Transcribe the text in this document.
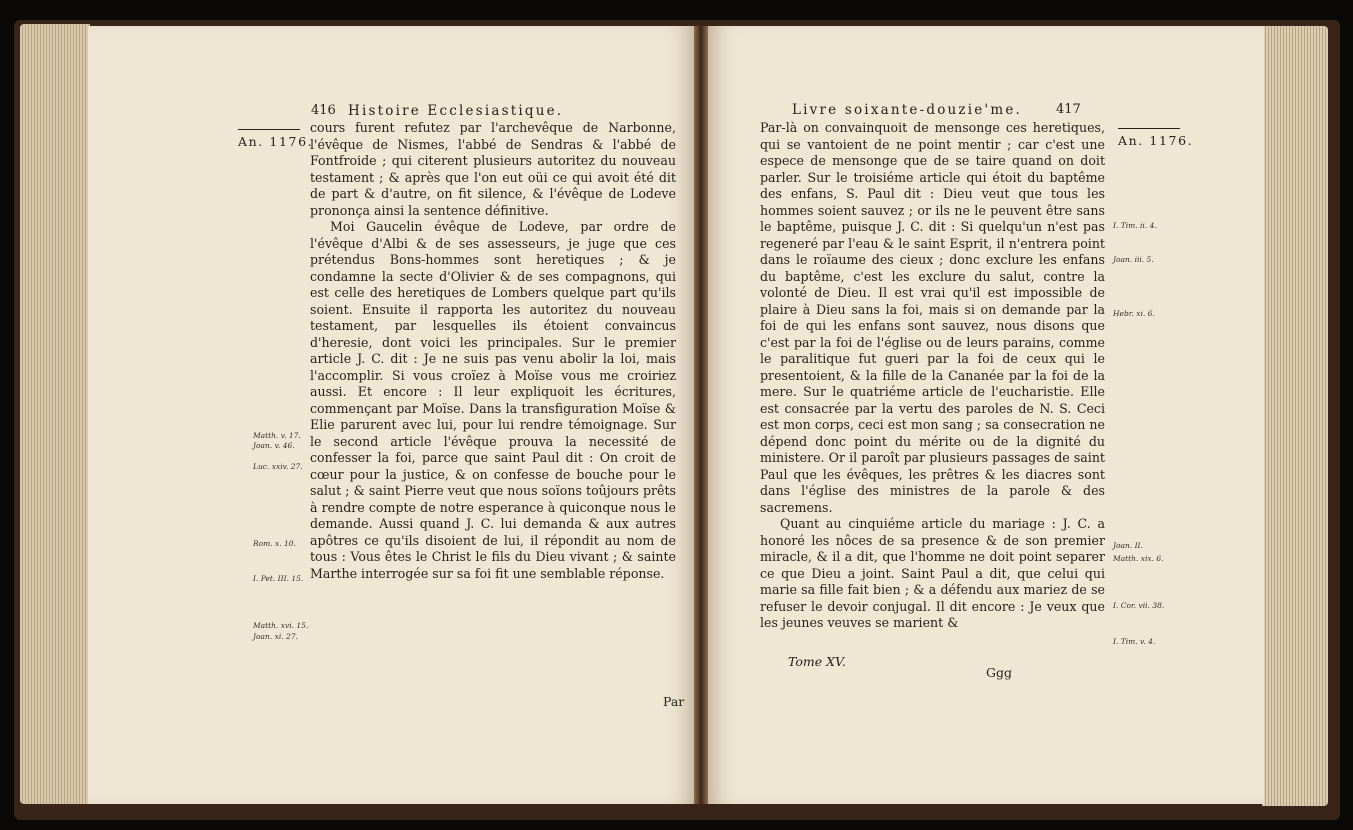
416 Histoire Ecclesiastique.
An. 1176.

cours furent refutez par l'archevêque de Narbonne, l'évêque de Nismes, l'abbé de Sendras & l'abbé de Fontfroide ; qui citerent plusieurs autoritez du nouveau testament ; & après que l'on eut oüi ce qui avoit été dit de part & d'autre, on fit silence, & l'évêque de Lodeve prononça ainsi la sentence définitive.

Moi Gaucelin évêque de Lodeve, par ordre de l'évêque d'Albi & de ses assesseurs, je juge que ces prétendus Bons-hommes sont heretiques ; & je condamne la secte d'Olivier & de ses compagnons, qui est celle des heretiques de Lombers quelque part qu'ils soient. Ensuite il rapporta les autoritez du nouveau testament, par lesquelles ils étoient convaincus d'heresie, dont voici les principales. Sur le premier article J. C. dit : Je ne suis pas venu abolir la loi, mais l'accomplir. Si vous croïez à Moïse vous me croiriez aussi. Et encore : Il leur expliquoit les écritures, commençant par Moïse. Dans la transfiguration Moïse & Elie parurent avec lui, pour lui rendre témoignage. Sur le second article l'évêque prouva la necessité de confesser la foi, parce que saint Paul dit : On croit de cœur pour la justice, & on confesse de bouche pour le salut ; & saint Pierre veut que nous soïons toûjours prêts à rendre compte de notre esperance à quiconque nous le demande. Aussi quand J. C. lui demanda & aux autres apôtres ce qu'ils disoient de lui, il répondit au nom de tous : Vous êtes le Christ le fils du Dieu vivant ; & sainte Marthe interrogée sur sa foi fit une semblable réponse.

Matth. v. 17.
Joan. v. 46.
Luc. xxiv. 27.
Rom. x. 10.
I. Pet. III. 15.
Matth. xvi. 15.
Joan. xi. 27.
Par
Livre soixante-douzie'me.	417
An. 1176.

Par-là on convainquoit de mensonge ces heretiques, qui se vantoient de ne point mentir ; car c'est une espece de mensonge que de se taire quand on doit parler. Sur le troisiéme article qui étoit du baptême des enfans, S. Paul dit : Dieu veut que tous les hommes soient sauvez ; or ils ne le peuvent être sans le baptême, puisque J. C. dit : Si quelqu'un n'est pas regeneré par l'eau & le saint Esprit, il n'entrera point dans le roïaume des cieux ; donc exclure les enfans du baptême, c'est les exclure du salut, contre la volonté de Dieu. Il est vrai qu'il est impossible de plaire à Dieu sans la foi, mais si on demande par la foi de qui les enfans sont sauvez, nous disons que c'est par la foi de l'église ou de leurs parains, comme le paralitique fut gueri par la foi de ceux qui le presentoient, & la fille de la Cananée par la foi de la mere. Sur le quatriéme article de l'eucharistie. Elle est consacrée par la vertu des paroles de N. S. Ceci est mon corps, ceci est mon sang ; sa consecration ne dépend donc point du mérite ou de la dignité du ministere. Or il paroît par plusieurs passages de saint Paul que les évêques, les prêtres & les diacres sont dans l'église des ministres de la parole & des sacremens.

Quant au cinquiéme article du mariage : J. C. a honoré les nôces de sa presence & de son premier miracle, & il a dit, que l'homme ne doit point separer ce que Dieu a joint. Saint Paul a dit, que celui qui marie sa fille fait bien ; & a défendu aux mariez de se refuser le devoir conjugal. Il dit encore : Je veux que les jeunes veuves se marient &

I. Tim. ii. 4.
Joan. iii. 5.
Hebr. xi. 6.
Joan. II.
Matth. xix. 6.
I. Cor. vii. 38.
I. Tim. v. 4.
Tome XV.
Ggg
